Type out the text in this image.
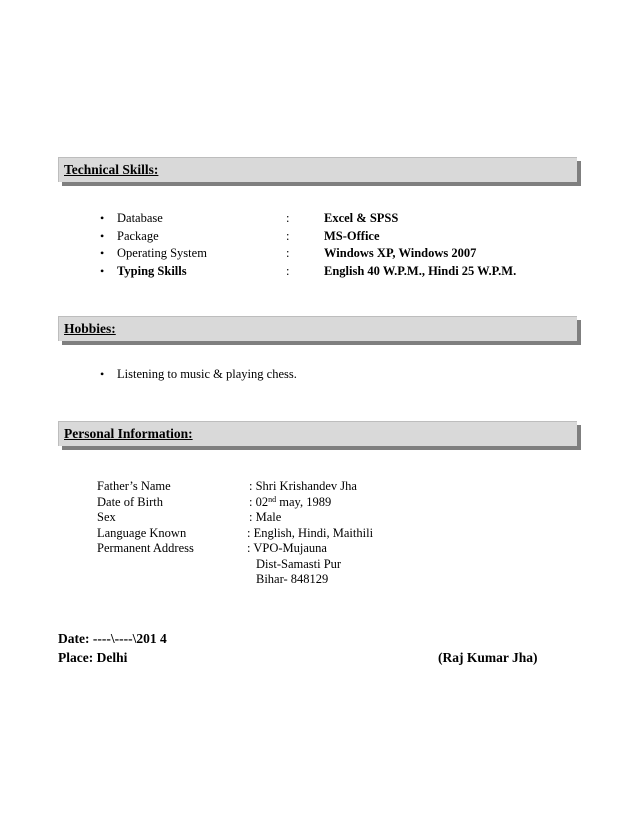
Technical Skills:
• Database	:	Excel & SPSS
• Package	:	MS-Office
• Operating System	:	Windows XP, Windows 2007
• Typing Skills	:	English 40 W.P.M., Hindi 25 W.P.M.
Hobbies:
• Listening to music & playing chess.
Personal Information:
Father’s Name	: Shri Krishandev Jha
Date of Birth	: 02nd may, 1989
Sex	: Male
Language Known	: English, Hindi, Maithili
Permanent Address	: VPO-Mujauna
Dist-Samasti Pur
Bihar- 848129
Date: ----\----\201 4
Place: Delhi	(Raj Kumar Jha)
